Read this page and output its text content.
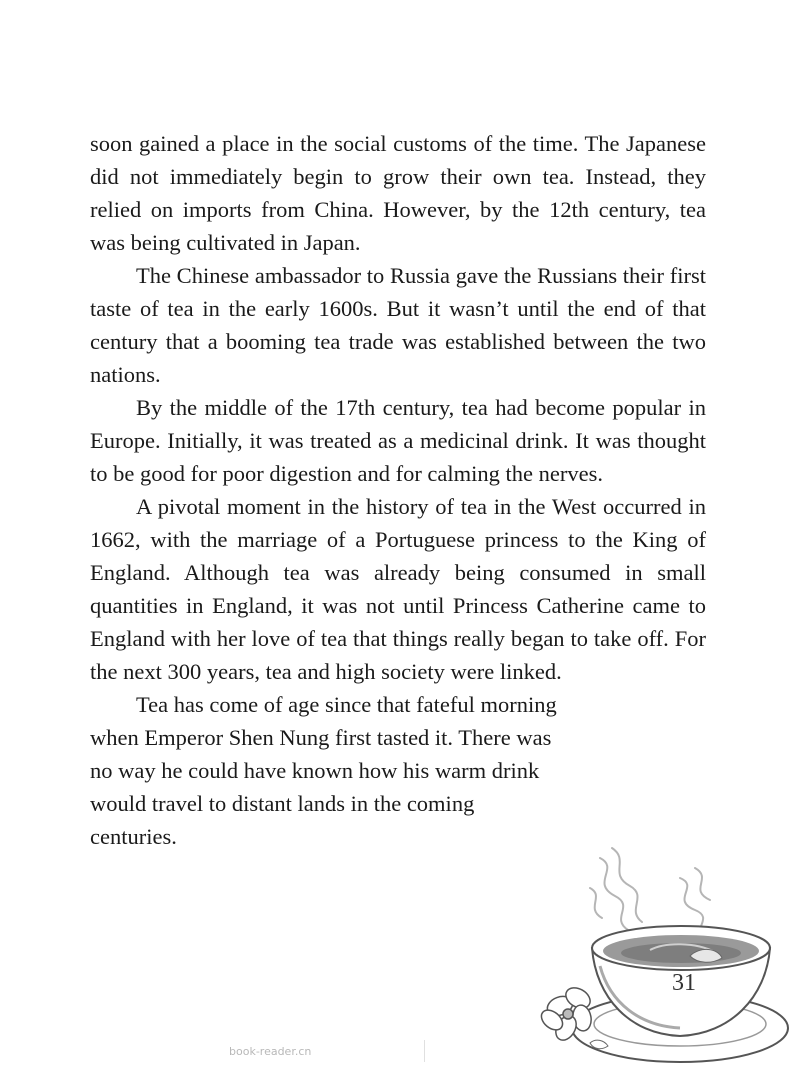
soon gained a place in the social customs of the time. The Japanese did not immediately begin to grow their own tea. Instead, they relied on imports from China. However, by the 12th century, tea was being cultivated in Japan.

The Chinese ambassador to Russia gave the Russians their first taste of tea in the early 1600s. But it wasn’t until the end of that century that a booming tea trade was established between the two nations.

By the middle of the 17th century, tea had become popular in Europe. Initially, it was treated as a medicinal drink. It was thought to be good for poor digestion and for calming the nerves.

A pivotal moment in the history of tea in the West occurred in 1662, with the marriage of a Portuguese princess to the King of England. Although tea was already being consumed in small quantities in England, it was not until Princess Catherine came to England with her love of tea that things really began to take off. For the next 300 years, tea and high society were linked.

Tea has come of age since that fateful morning when Emperor Shen Nung first tasted it. There was no way he could have known how his warm drink would travel to distant lands in the coming centuries.

31
book-reader.cn
